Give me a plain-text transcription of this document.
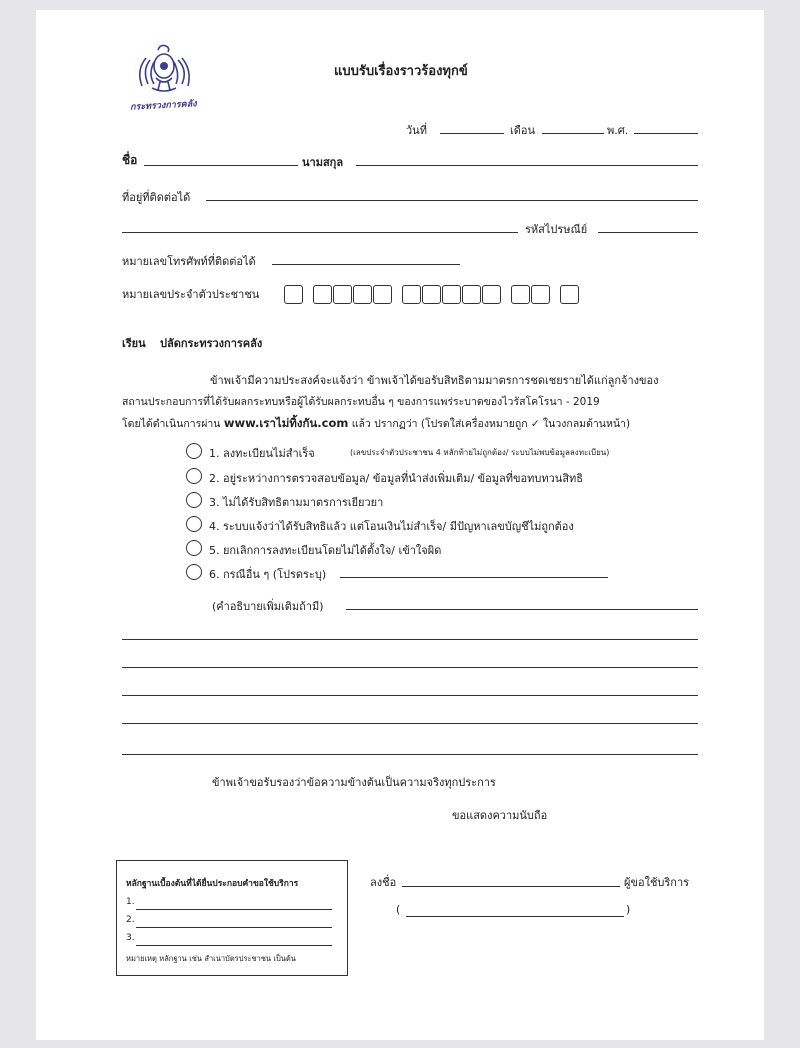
กระทรวงการคลัง
แบบรับเรื่องราวร้องทุกข์
วันที่	เดือน	พ.ศ.
ชื่อ	นามสกุล
ที่อยู่ที่ติดต่อได้
รหัสไปรษณีย์
หมายเลขโทรศัพท์ที่ติดต่อได้
หมายเลขประจำตัวประชาชน
เรียน ปลัดกระทรวงการคลัง
ข้าพเจ้ามีความประสงค์จะแจ้งว่า ข้าพเจ้าได้ขอรับสิทธิตามมาตรการชดเชยรายได้แก่ลูกจ้างของ
สถานประกอบการที่ได้รับผลกระทบหรือผู้ได้รับผลกระทบอื่น ๆ ของการแพร่ระบาดของไวรัสโคโรนา - 2019
โดยได้ดำเนินการผ่าน www.เราไม่ทิ้งกัน.com แล้ว ปรากฏว่า (โปรดใส่เครื่องหมายถูก ✓ ในวงกลมด้านหน้า)
1. ลงทะเบียนไม่สำเร็จ	(เลขประจำตัวประชาชน 4 หลักท้ายไม่ถูกต้อง/ ระบบไม่พบข้อมูลลงทะเบียน)
2. อยู่ระหว่างการตรวจสอบข้อมูล/ ข้อมูลที่นำส่งเพิ่มเติม/ ข้อมูลที่ขอทบทวนสิทธิ
3. ไม่ได้รับสิทธิตามมาตรการเยียวยา
4. ระบบแจ้งว่าได้รับสิทธิแล้ว แต่โอนเงินไม่สำเร็จ/ มีปัญหาเลขบัญชีไม่ถูกต้อง
5. ยกเลิกการลงทะเบียนโดยไม่ได้ตั้งใจ/ เข้าใจผิด
6. กรณีอื่น ๆ (โปรดระบุ)
(คำอธิบายเพิ่มเติมถ้ามี)
ข้าพเจ้าขอรับรองว่าข้อความข้างต้นเป็นความจริงทุกประการ
ขอแสดงความนับถือ
หลักฐานเบื้องต้นที่ได้ยื่นประกอบคำขอใช้บริการ
1.
2.
3.
หมายเหตุ หลักฐาน เช่น สำเนาบัตรประชาชน เป็นต้น
ลงชื่อ	ผู้ขอใช้บริการ
(	)
